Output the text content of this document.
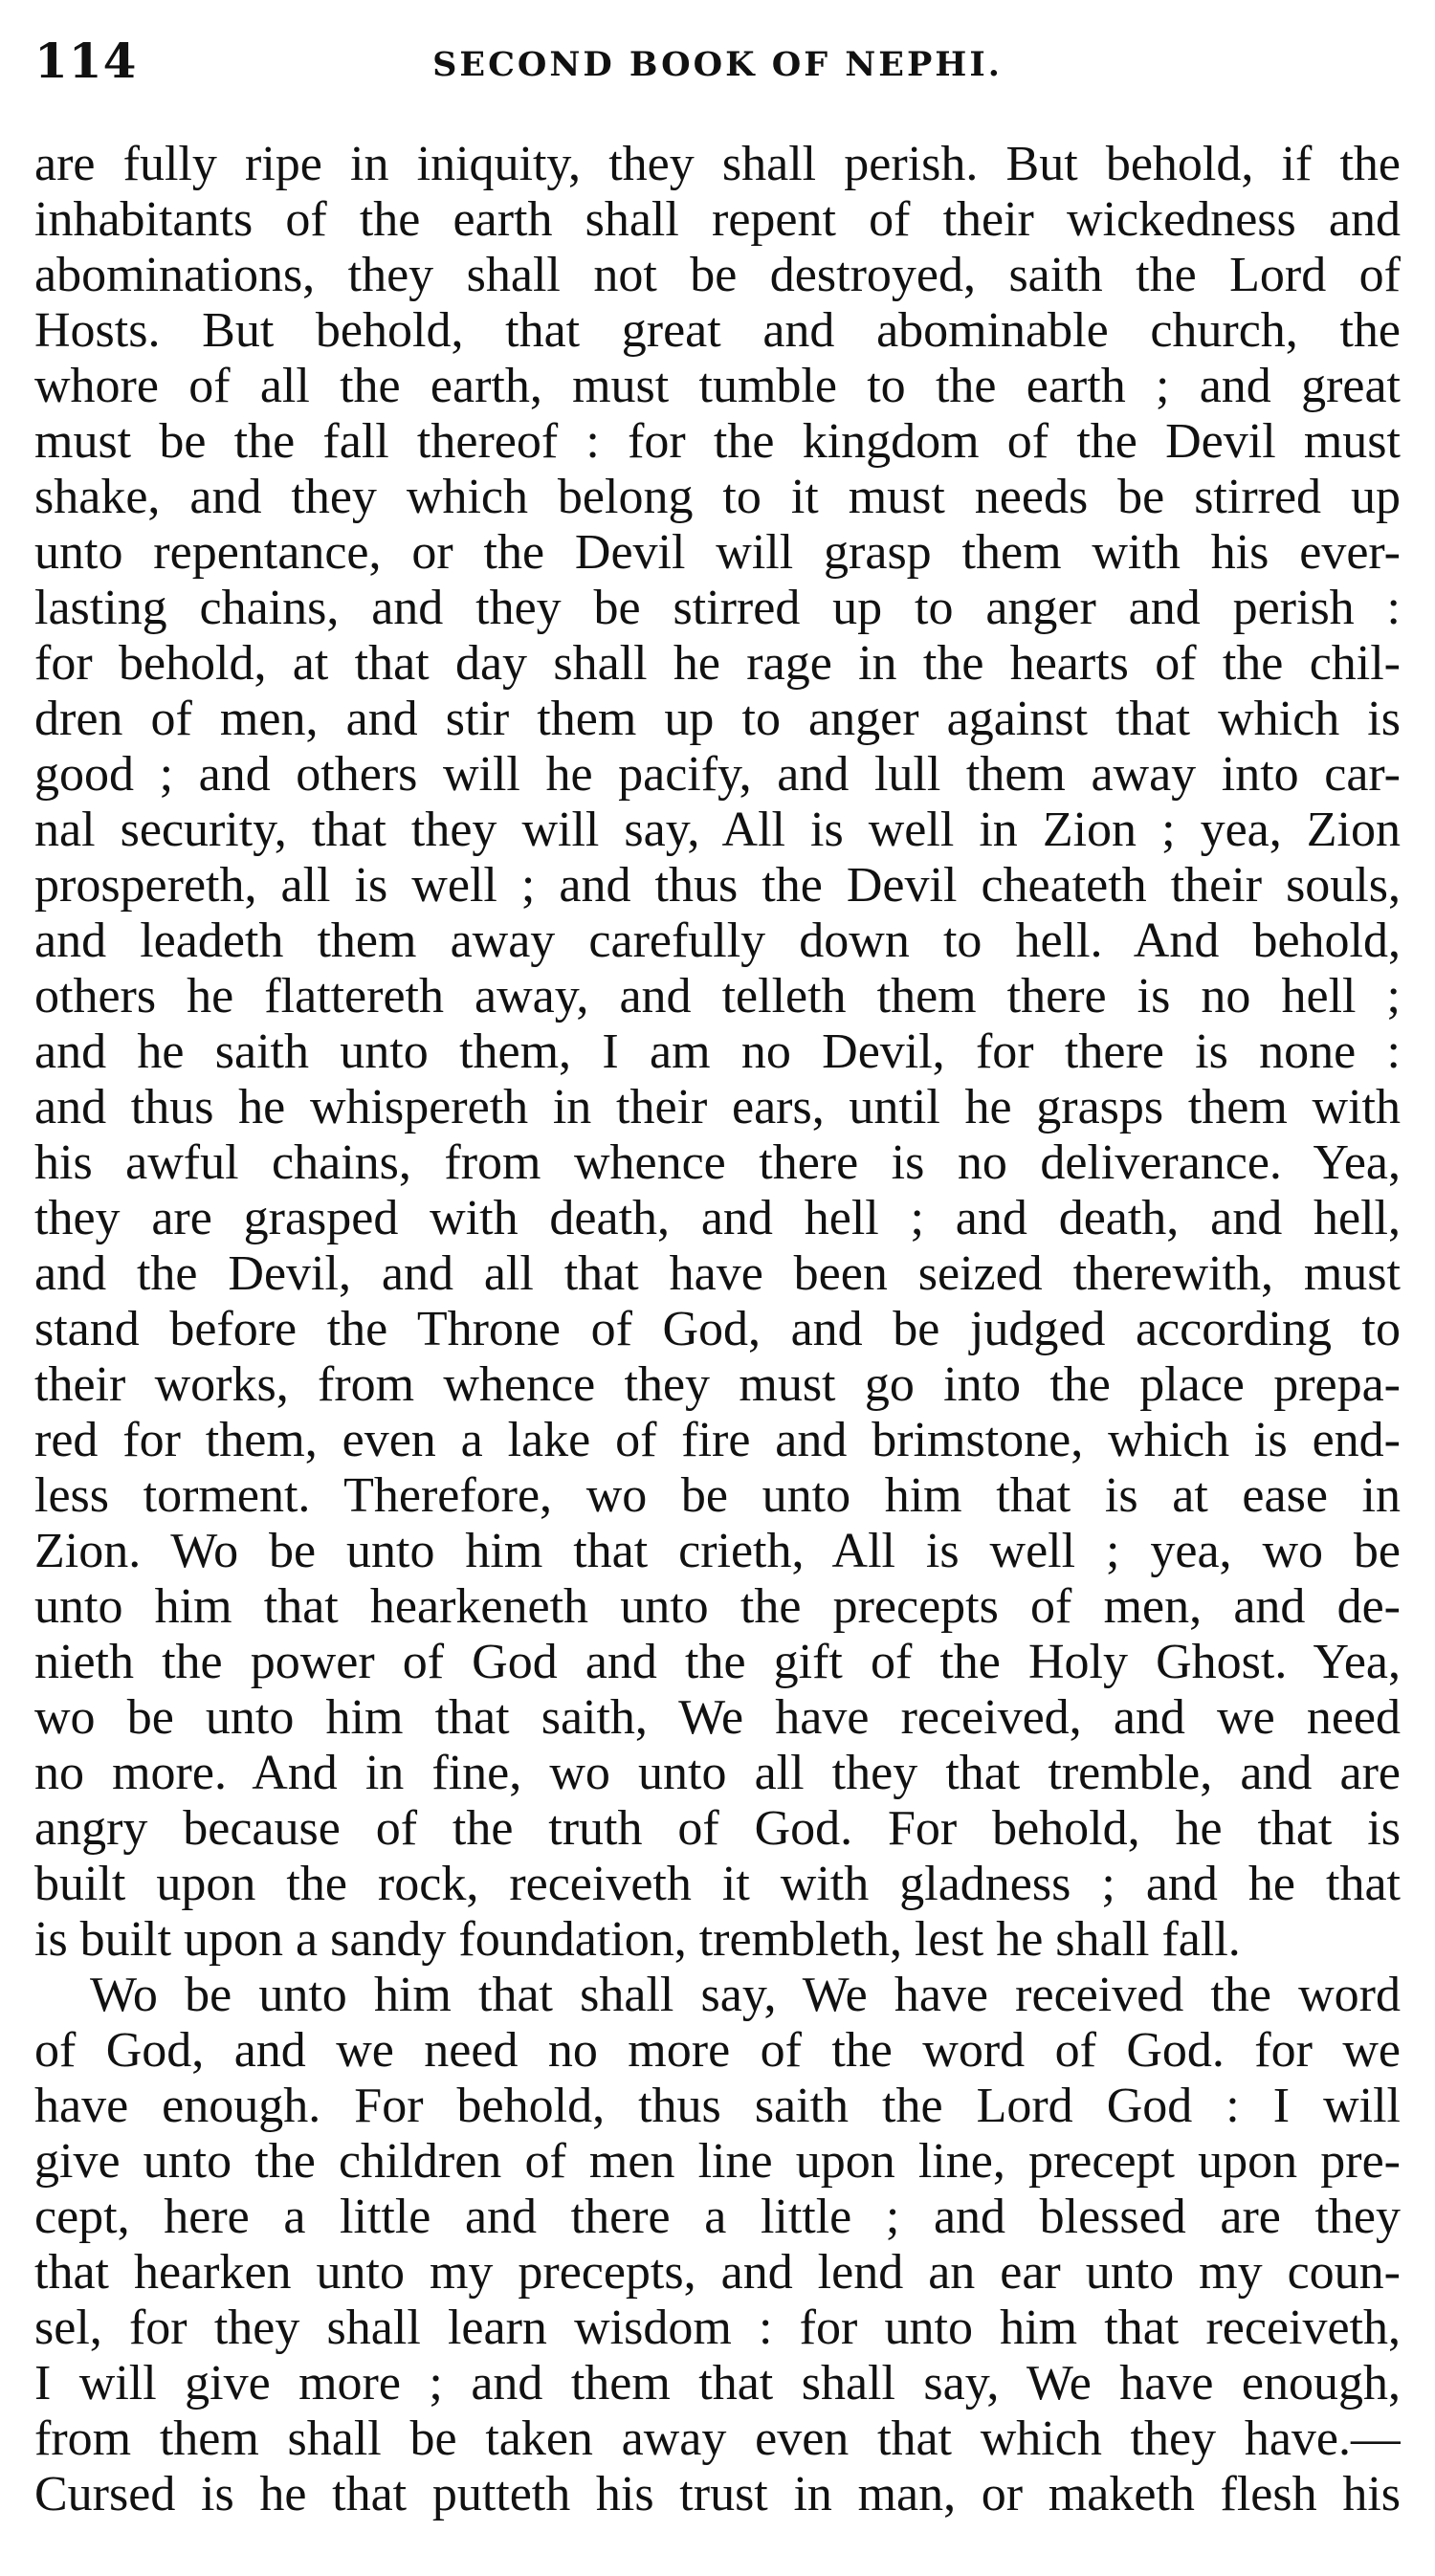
114	SECOND BOOK OF NEPHI.
are fully ripe in iniquity, they shall perish. But behold, if the
inhabitants of the earth shall repent of their wickedness and
abominations, they shall not be destroyed, saith the Lord of
Hosts. But behold, that great and abominable church, the
whore of all the earth, must tumble to the earth ; and great
must be the fall thereof : for the kingdom of the Devil must
shake, and they which belong to it must needs be stirred up
unto repentance, or the Devil will grasp them with his ever-
lasting chains, and they be stirred up to anger and perish :
for behold, at that day shall he rage in the hearts of the chil-
dren of men, and stir them up to anger against that which is
good ; and others will he pacify, and lull them away into car-
nal security, that they will say, All is well in Zion ; yea, Zion
prospereth, all is well ; and thus the Devil cheateth their souls,
and leadeth them away carefully down to hell. And behold,
others he flattereth away, and telleth them there is no hell ;
and he saith unto them, I am no Devil, for there is none :
and thus he whispereth in their ears, until he grasps them with
his awful chains, from whence there is no deliverance. Yea,
they are grasped with death, and hell ; and death, and hell,
and the Devil, and all that have been seized therewith, must
stand before the Throne of God, and be judged according to
their works, from whence they must go into the place prepa-
red for them, even a lake of fire and brimstone, which is end-
less torment. Therefore, wo be unto him that is at ease in
Zion. Wo be unto him that crieth, All is well ; yea, wo be
unto him that hearkeneth unto the precepts of men, and de-
nieth the power of God and the gift of the Holy Ghost. Yea,
wo be unto him that saith, We have received, and we need
no more. And in fine, wo unto all they that tremble, and are
angry because of the truth of God. For behold, he that is
built upon the rock, receiveth it with gladness ; and he that
is built upon a sandy foundation, trembleth, lest he shall fall.
Wo be unto him that shall say, We have received the word
of God, and we need no more of the word of God. for we
have enough. For behold, thus saith the Lord God : I will
give unto the children of men line upon line, precept upon pre-
cept, here a little and there a little ; and blessed are they
that hearken unto my precepts, and lend an ear unto my coun-
sel, for they shall learn wisdom : for unto him that receiveth,
I will give more ; and them that shall say, We have enough,
from them shall be taken away even that which they have.—
Cursed is he that putteth his trust in man, or maketh flesh his
